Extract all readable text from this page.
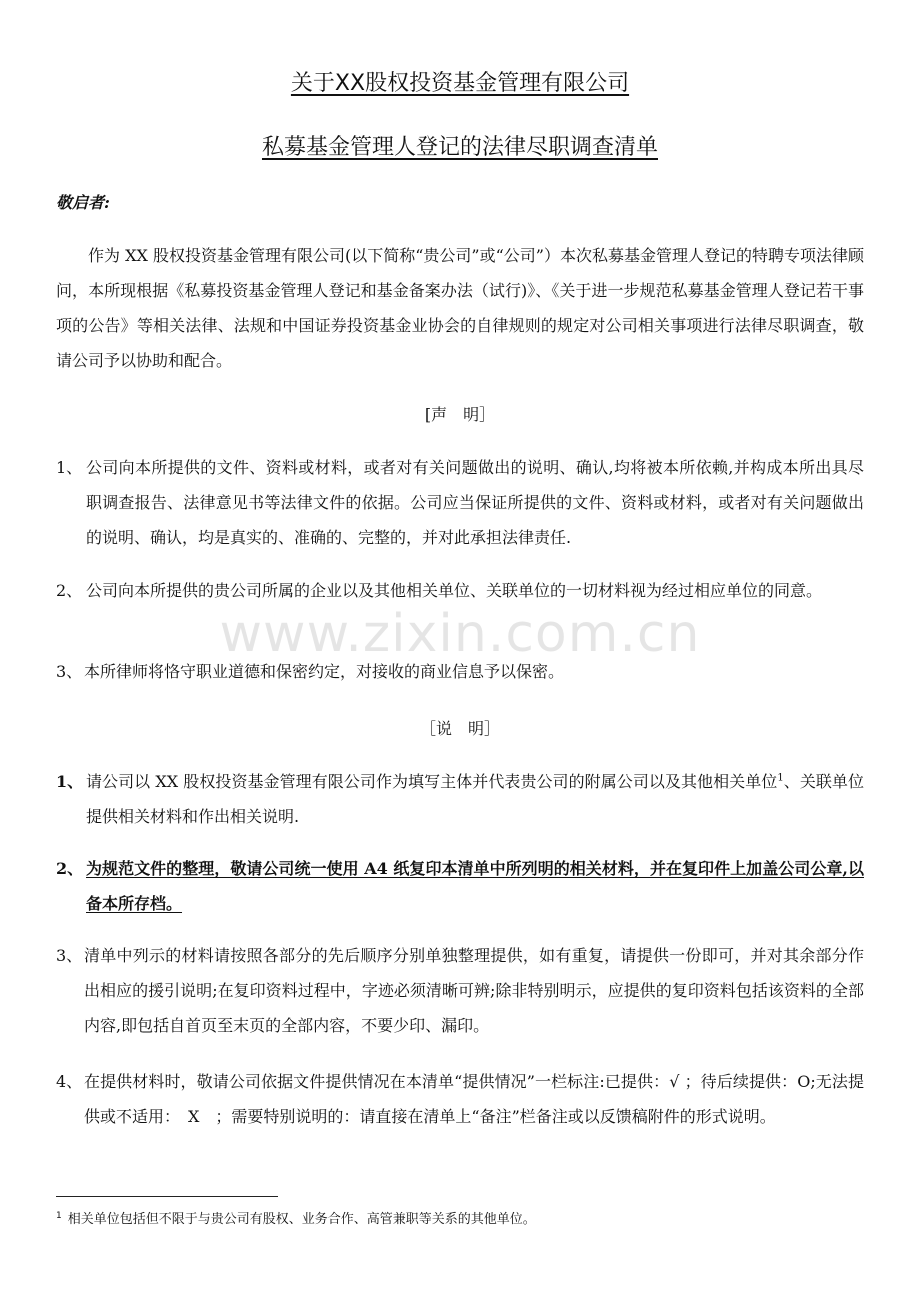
关于XX股权投资基金管理有限公司
私募基金管理人登记的法律尽职调查清单
敬启者:
作为 XX 股权投资基金管理有限公司(以下简称“贵公司”或“公司”）本次私募基金管理人登记的特聘专项法律顾问，本所现根据《私募投资基金管理人登记和基金备案办法（试行)》、《关于进一步规范私募基金管理人登记若干事项的公告》等相关法律、法规和中国证券投资基金业协会的自律规则的规定对公司相关事项进行法律尽职调查，敬请公司予以协助和配合。
[声　明］
1、 公司向本所提供的文件、资料或材料，或者对有关问题做出的说明、确认,均将被本所依赖,并构成本所出具尽职调查报告、法律意见书等法律文件的依据。公司应当保证所提供的文件、资料或材料，或者对有关问题做出的说明、确认，均是真实的、准确的、完整的，并对此承担法律责任.
2、 公司向本所提供的贵公司所属的企业以及其他相关单位、关联单位的一切材料视为经过相应单位的同意。
3、 本所律师将恪守职业道德和保密约定，对接收的商业信息予以保密。
［说　明］
1、 请公司以 XX 股权投资基金管理有限公司作为填写主体并代表贵公司的附属公司以及其他相关单位$^1$、关联单位提供相关材料和作出相关说明.
2、 为规范文件的整理，敬请公司统一使用 A4 纸复印本清单中所列明的相关材料，并在复印件上加盖公司公章,以备本所存档。
3、 清单中列示的材料请按照各部分的先后顺序分别单独整理提供，如有重复，请提供一份即可，并对其余部分作出相应的援引说明;在复印资料过程中，字迹必须清晰可辨;除非特别明示，应提供的复印资料包括该资料的全部内容,即包括自首页至末页的全部内容，不要少印、漏印。
4、 在提供材料时，敬请公司依据文件提供情况在本清单“提供情况”一栏标注:已提供：√ ；待后续提供：O;无法提供或不适用：　X　；需要特别说明的：请直接在清单上“备注”栏备注或以反馈稿附件的形式说明。
www.zixin.com.cn
$^1$ 相关单位包括但不限于与贵公司有股权、业务合作、高管兼职等关系的其他单位。
